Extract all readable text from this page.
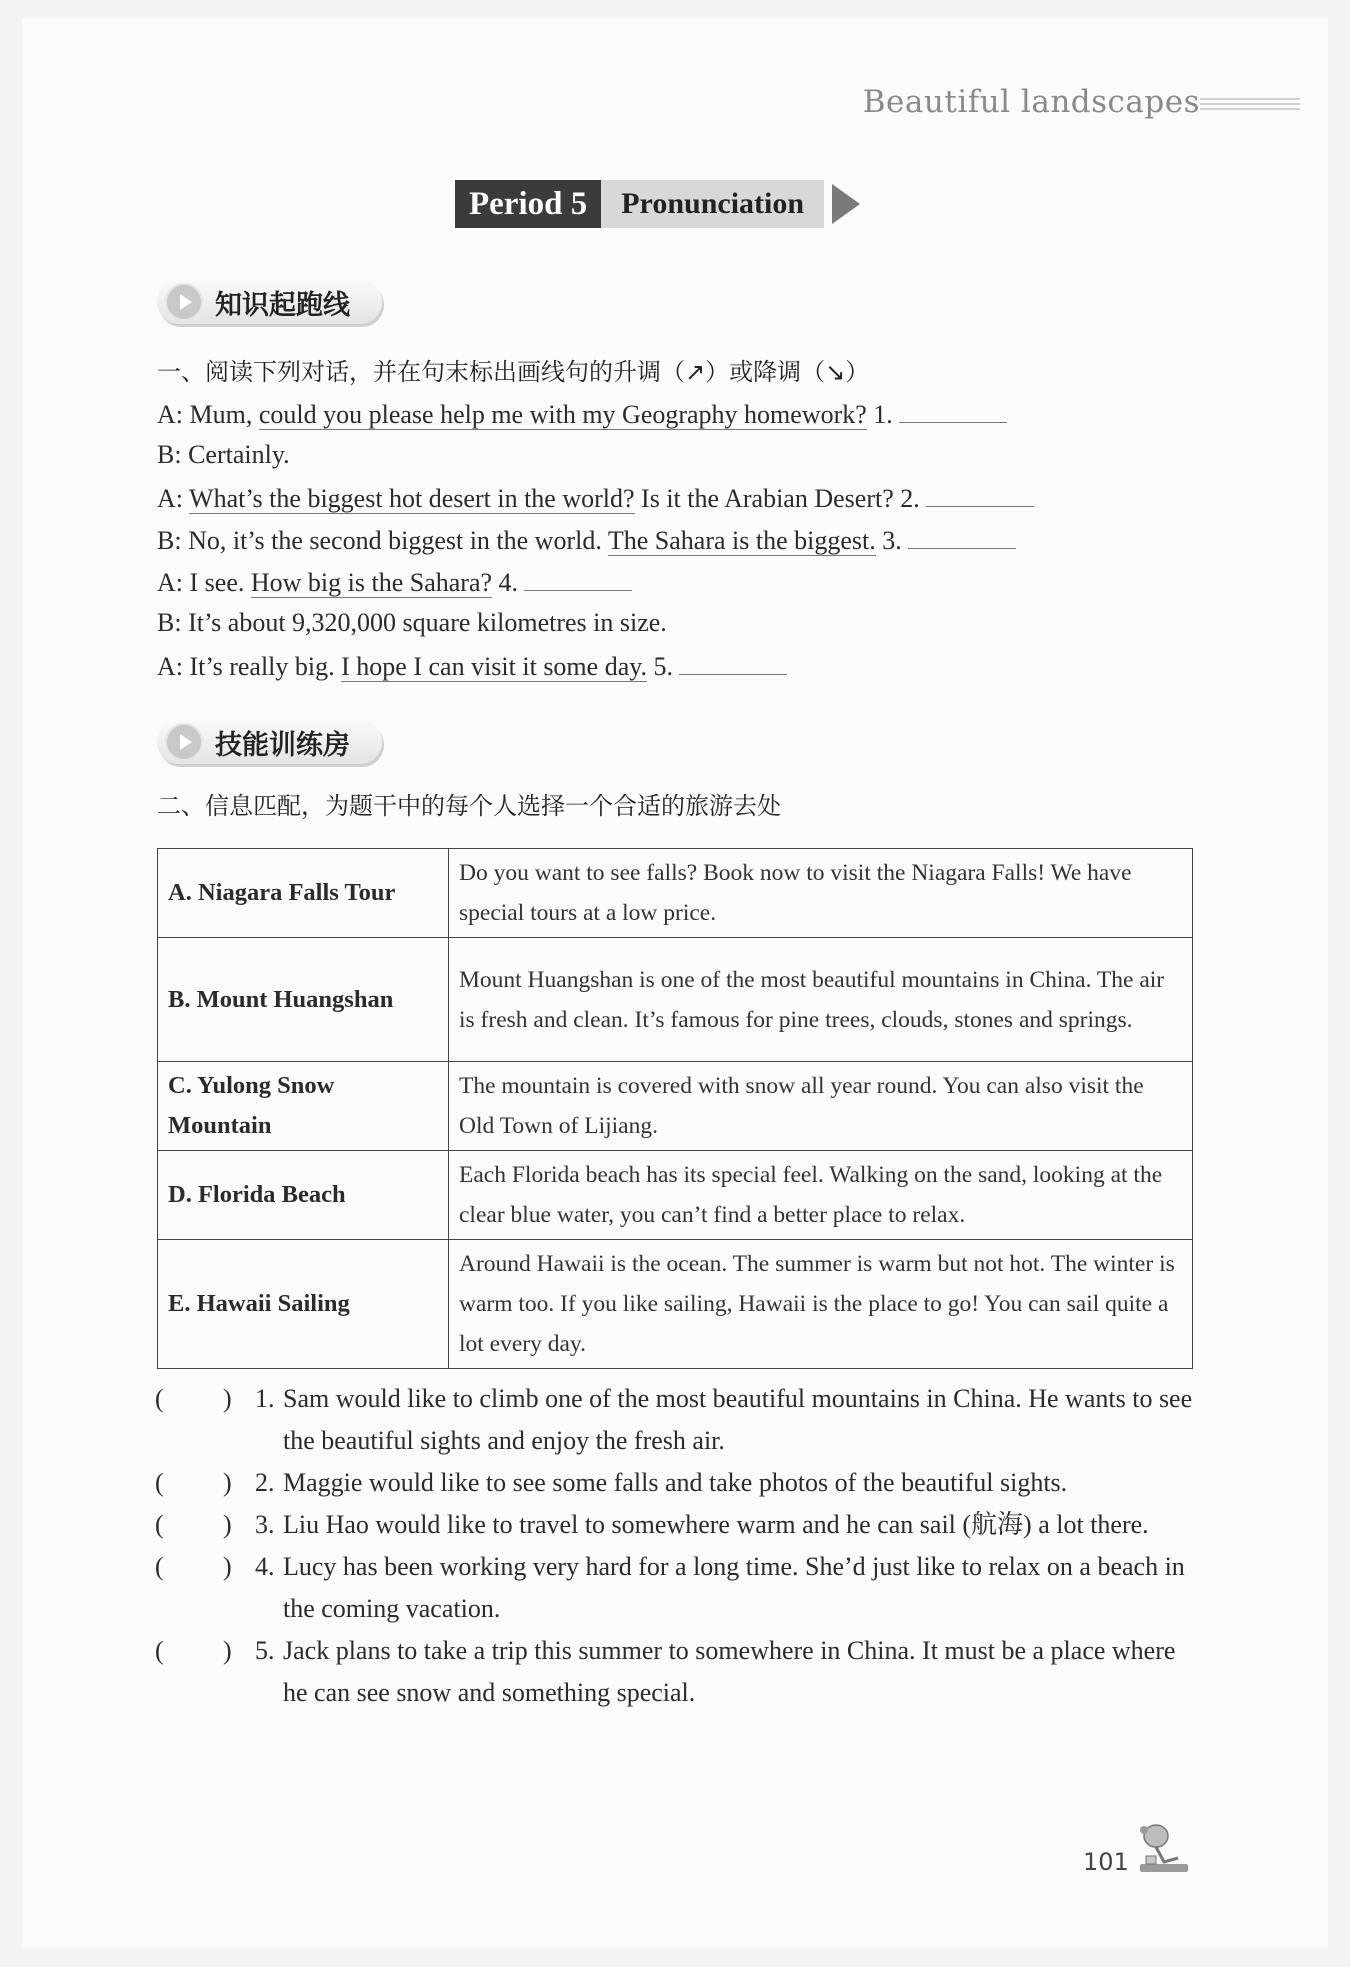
Beautiful landscapes
Period 5	Pronunciation
知识起跑线
一、阅读下列对话，并在句末标出画线句的升调（↗）或降调（↘）
A: Mum, could you please help me with my Geography homework? 1.
B: Certainly.
A: What’s the biggest hot desert in the world? Is it the Arabian Desert? 2.
B: No, it’s the second biggest in the world. The Sahara is the biggest. 3.
A: I see. How big is the Sahara? 4.
B: It’s about 9,320,000 square kilometres in size.
A: It’s really big. I hope I can visit it some day. 5.
技能训练房
二、信息匹配，为题干中的每个人选择一个合适的旅游去处
A. Niagara Falls Tour	Do you want to see falls? Book now to visit the Niagara Falls! We have special tours at a low price.
B. Mount Huangshan	Mount Huangshan is one of the most beautiful mountains in China. The air is fresh and clean. It’s famous for pine trees, clouds, stones and springs.
C. Yulong Snow Mountain	The mountain is covered with snow all year round. You can also visit the Old Town of Lijiang.
D. Florida Beach	Each Florida beach has its special feel. Walking on the sand, looking at the clear blue water, you can’t find a better place to relax.
E. Hawaii Sailing	Around Hawaii is the ocean. The summer is warm but not hot. The winter is warm too. If you like sailing, Hawaii is the place to go! You can sail quite a lot every day.
( ) 1. Sam would like to climb one of the most beautiful mountains in China. He wants to see the beautiful sights and enjoy the fresh air.
( ) 2. Maggie would like to see some falls and take photos of the beautiful sights.
( ) 3. Liu Hao would like to travel to somewhere warm and he can sail (航海) a lot there.
( ) 4. Lucy has been working very hard for a long time. She’d just like to relax on a beach in the coming vacation.
( ) 5. Jack plans to take a trip this summer to somewhere in China. It must be a place where he can see snow and something special.
101
